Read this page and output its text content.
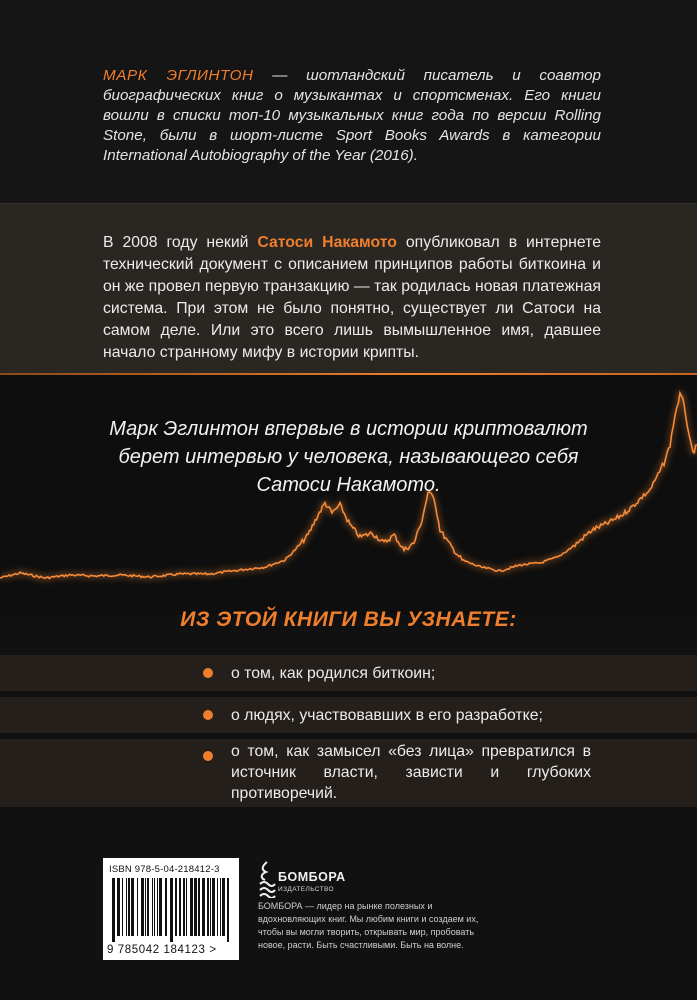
МАРК ЭГЛИНТОН — шотландский писатель и соавтор биографических книг о музыкантах и спортсменах. Его книги вошли в списки топ-10 музыкальных книг года по версии Rolling Stone, были в шорт-листе Sport Books Awards в категории International Autobiography of the Year (2016).

В 2008 году некий Сатоси Накамото опубликовал в интернете технический документ с описанием принципов работы биткоина и он же провел первую транзакцию — так родилась новая платежная система. При этом не было понятно, существует ли Сатоси на самом деле. Или это всего лишь вымышленное имя, давшее начало странному мифу в истории крипты.

Марк Эглинтон впервые в истории криптовалют
берет интервью у человека, называющего себя
Сатоси Накамото.
ИЗ ЭТОЙ КНИГИ ВЫ УЗНАЕТЕ:
о том, как родился биткоин;
о людях, участвовавших в его разработке;
о том, как замысел «без лица» превратился в источник власти, зависти и глубоких противоречий.
ISBN 978-5-04-218412-3
9 785042 184123 >
БОМБОРА
ИЗДАТЕЛЬСТВО
БОМБОРА — лидер на рынке полезных и вдохновляющих книг. Мы любим книги и создаем их, чтобы вы могли творить, открывать мир, пробовать новое, расти. Быть счастливыми. Быть на волне.
